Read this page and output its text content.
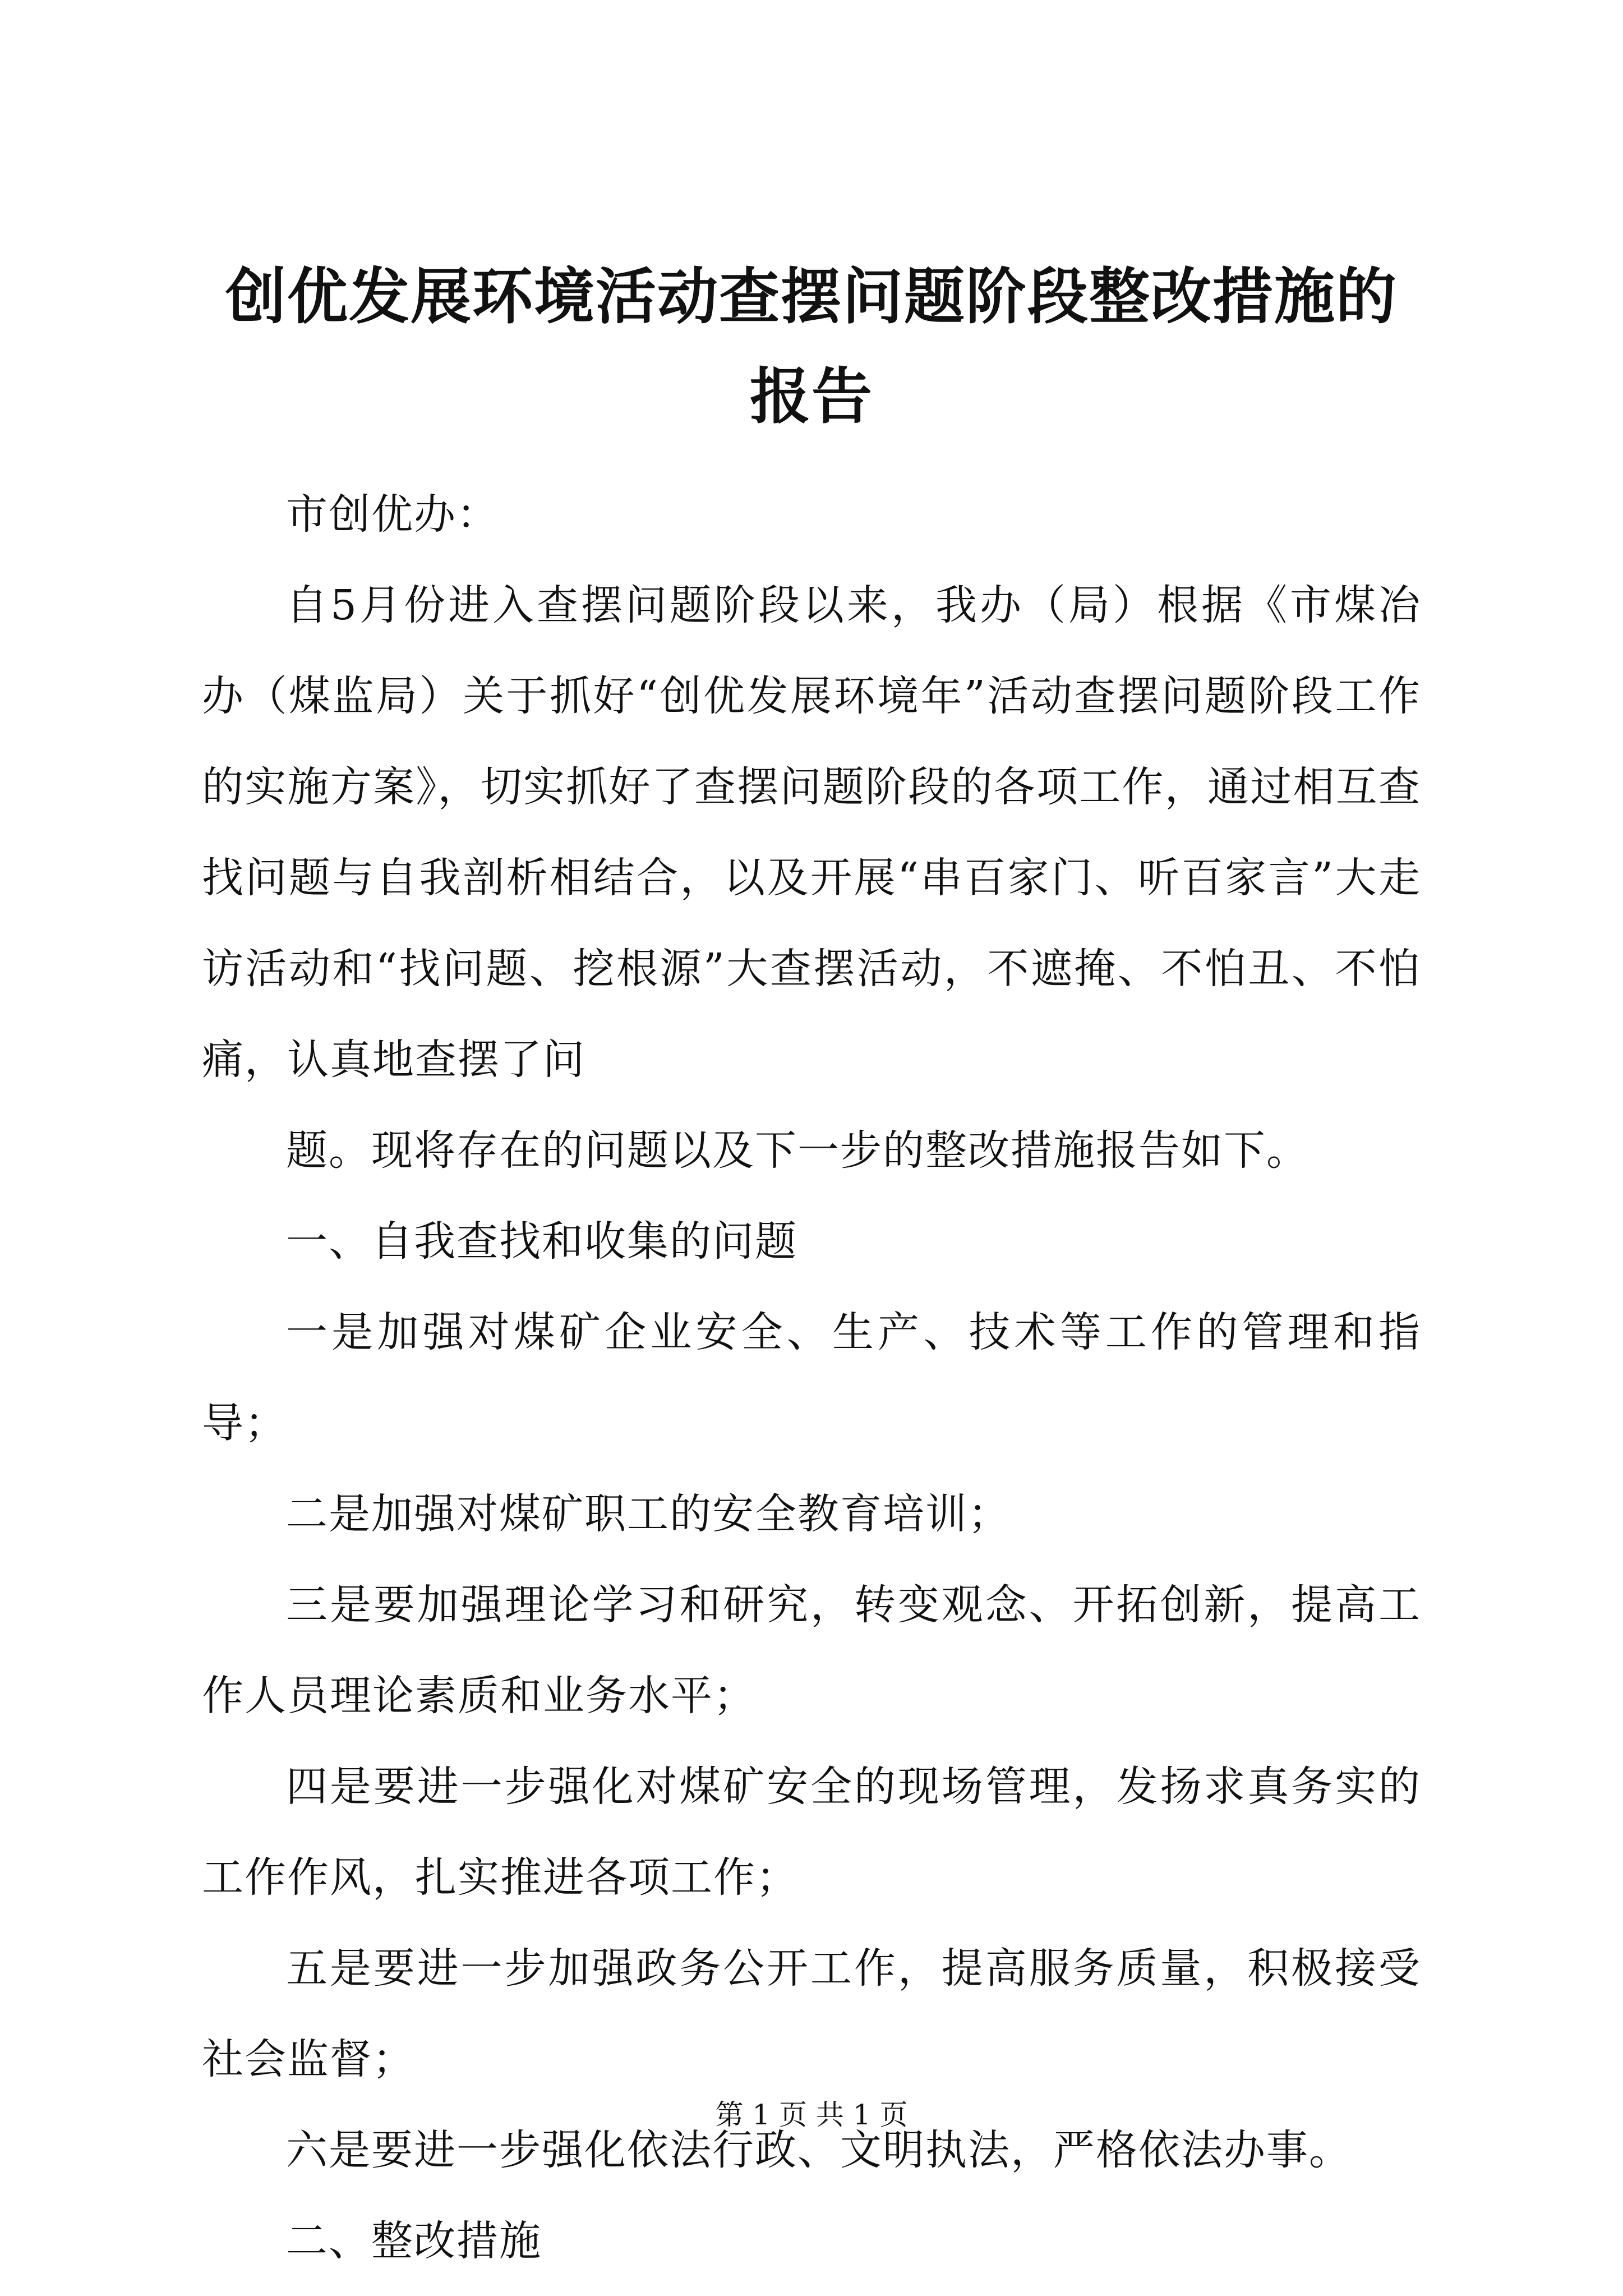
创优发展环境活动查摆问题阶段整改措施的报告

市创优办：

自5月份进入查摆问题阶段以来，我办（局）根据《市煤冶办（煤监局）关于抓好“创优发展环境年”活动查摆问题阶段工作的实施方案》，切实抓好了查摆问题阶段的各项工作，通过相互查找问题与自我剖析相结合，以及开展“串百家门、听百家言”大走访活动和“找问题、挖根源”大查摆活动，不遮掩、不怕丑、不怕痛，认真地查摆了问

题。现将存在的问题以及下一步的整改措施报告如下。

一、自我查找和收集的问题

一是加强对煤矿企业安全、生产、技术等工作的管理和指导；

二是加强对煤矿职工的安全教育培训；

三是要加强理论学习和研究，转变观念、开拓创新，提高工作人员理论素质和业务水平；

四是要进一步强化对煤矿安全的现场管理，发扬求真务实的工作作风，扎实推进各项工作；

五是要进一步加强政务公开工作，提高服务质量，积极接受社会监督；

六是要进一步强化依法行政、文明执法，严格依法办事。

二、整改措施

第 1 页 共 1 页
